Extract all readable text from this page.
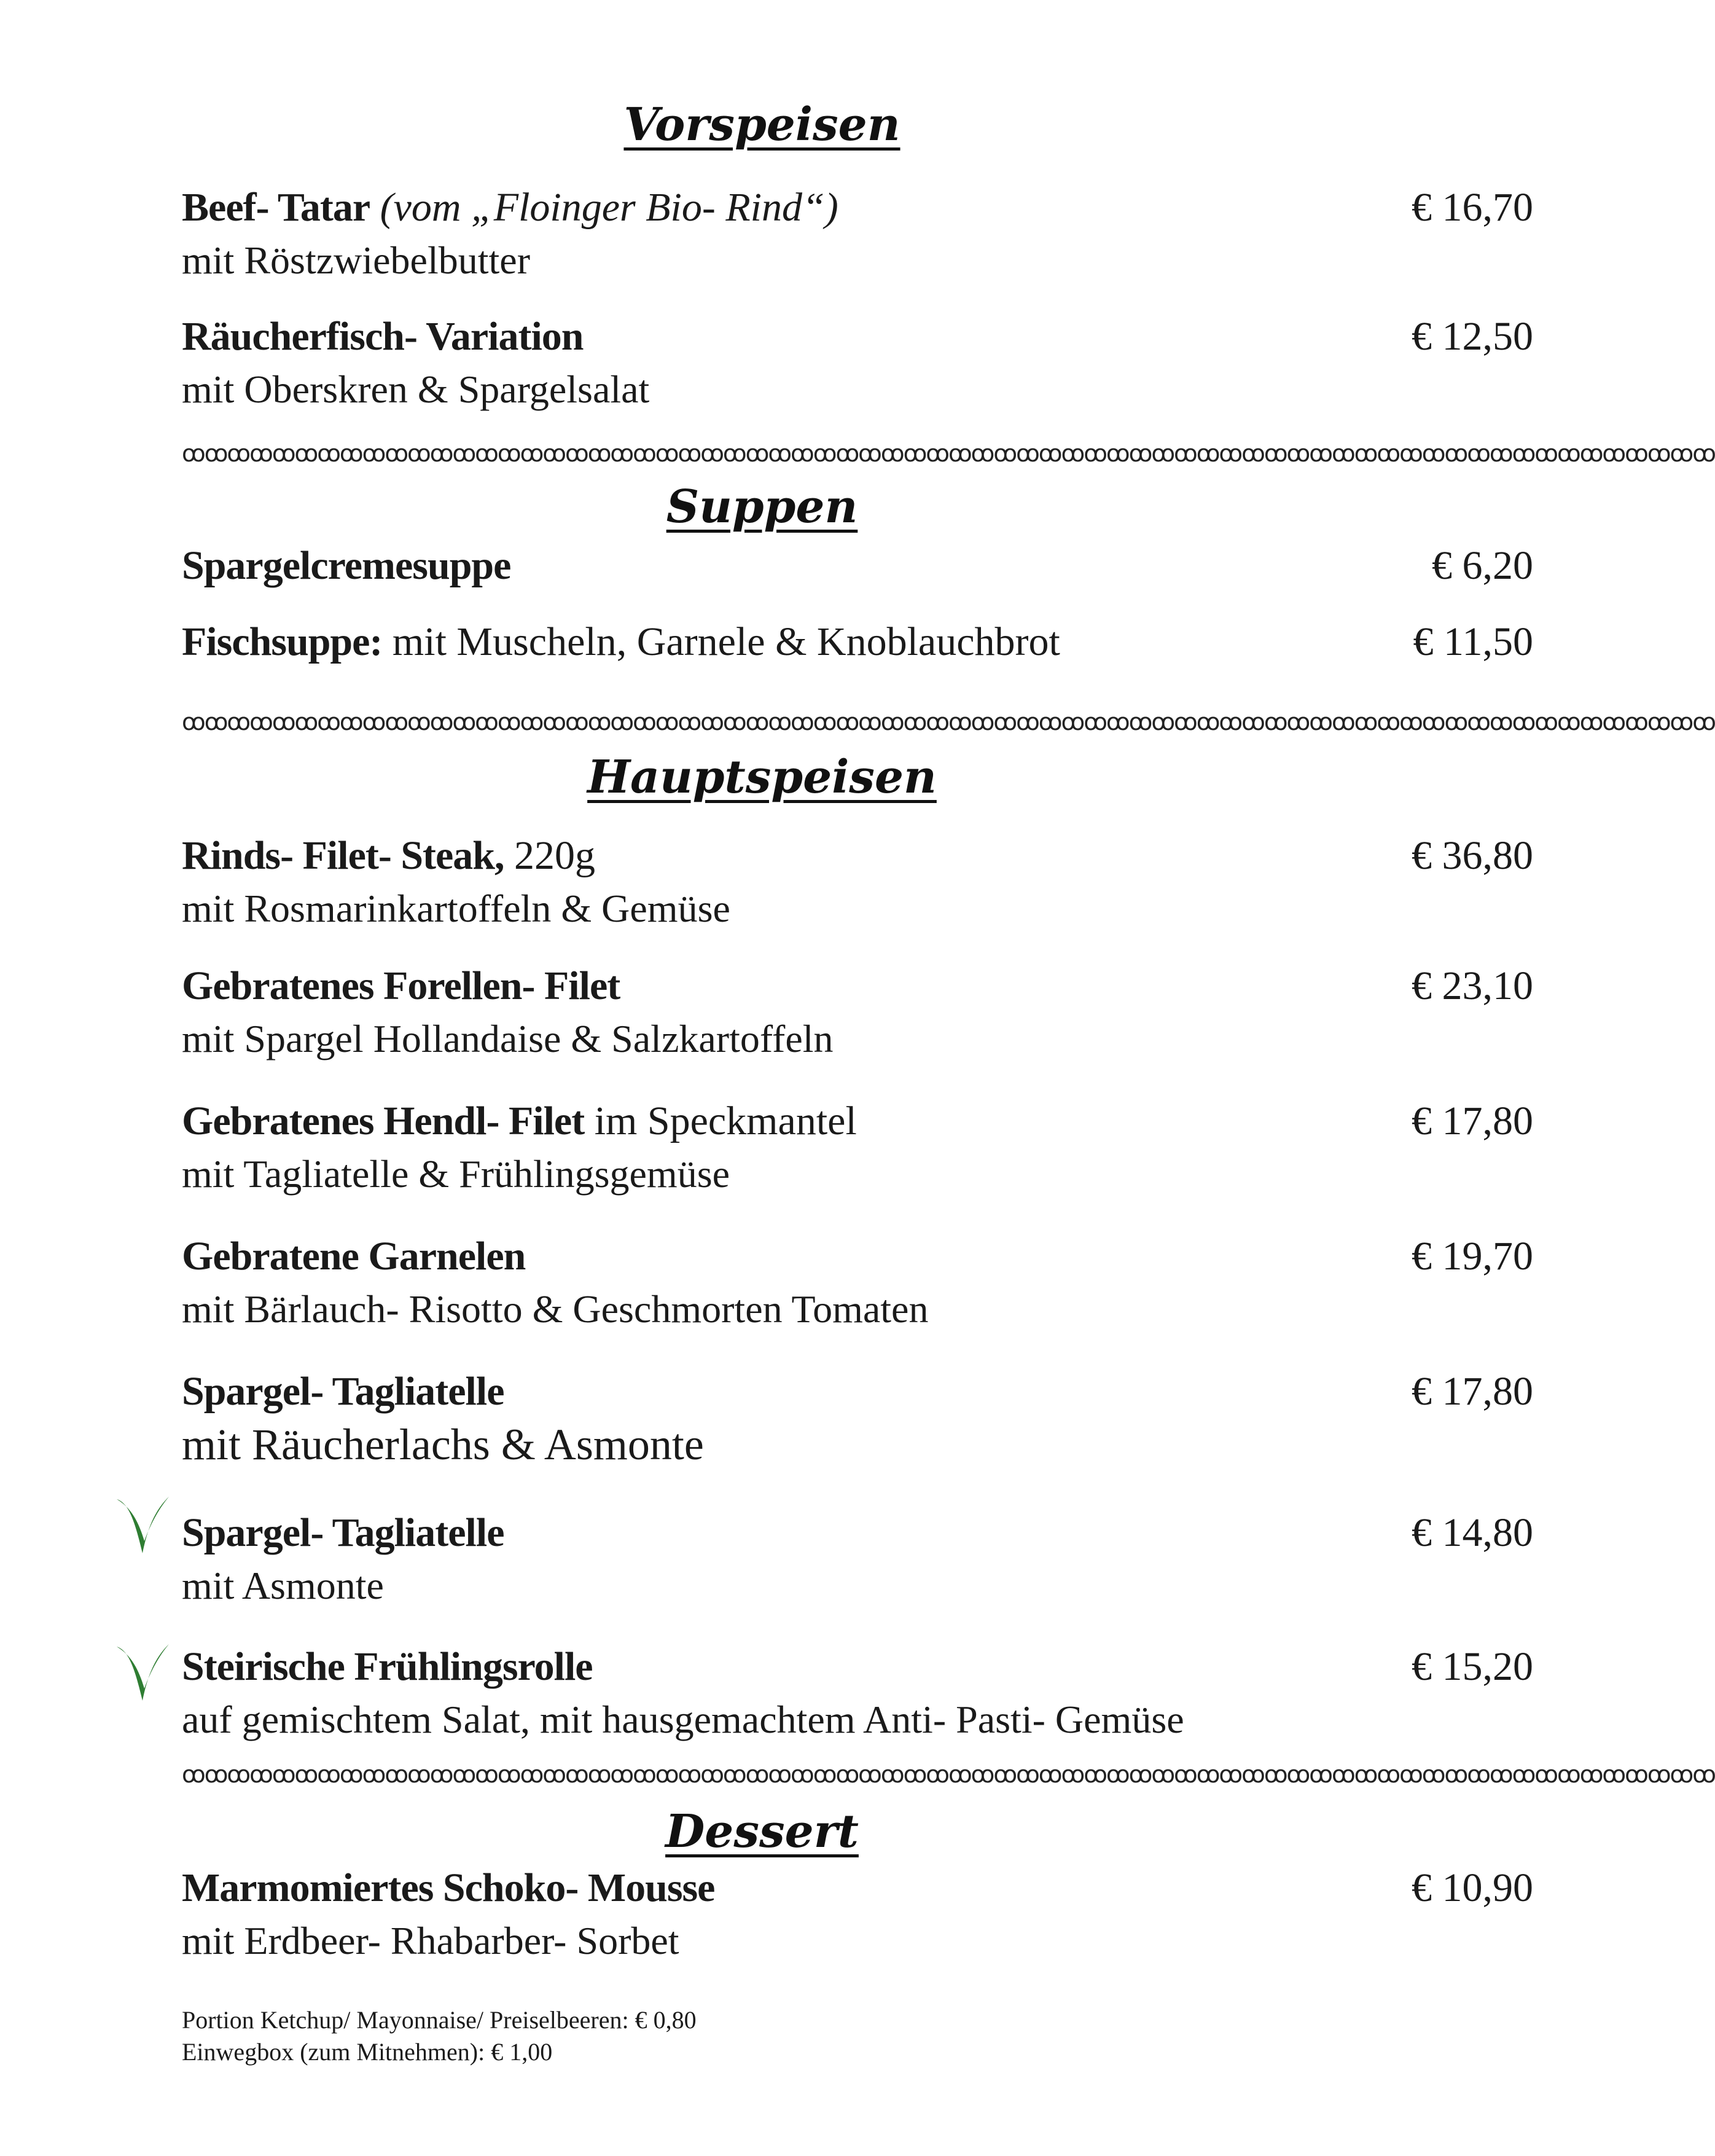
Vorspeisen
Beef- Tatar (vom „Floinger Bio- Rind“)
mit Röstzwiebelbutter
€ 16,70
Räucherfisch- Variation
mit Oberskren & Spargelsalat
€ 12,50
ꝏꝏꝏꝏꝏꝏꝏꝏꝏꝏꝏꝏꝏꝏꝏꝏꝏꝏꝏꝏꝏꝏꝏꝏꝏꝏꝏꝏꝏꝏꝏꝏꝏꝏꝏꝏꝏꝏꝏꝏꝏꝏꝏꝏꝏꝏꝏꝏꝏꝏꝏꝏꝏꝏꝏꝏꝏꝏꝏꝏꝏꝏꝏꝏꝏꝏꝏꝏ
Suppen
Spargelcremesuppe	€ 6,20
Fischsuppe: mit Muscheln, Garnele & Knoblauchbrot	€ 11,50
ꝏꝏꝏꝏꝏꝏꝏꝏꝏꝏꝏꝏꝏꝏꝏꝏꝏꝏꝏꝏꝏꝏꝏꝏꝏꝏꝏꝏꝏꝏꝏꝏꝏꝏꝏꝏꝏꝏꝏꝏꝏꝏꝏꝏꝏꝏꝏꝏꝏꝏꝏꝏꝏꝏꝏꝏꝏꝏꝏꝏꝏꝏꝏꝏꝏꝏꝏꝏ
Hauptspeisen
Rinds- Filet- Steak, 220g
mit Rosmarinkartoffeln & Gemüse
€ 36,80
Gebratenes Forellen- Filet
mit Spargel Hollandaise & Salzkartoffeln
€ 23,10
Gebratenes Hendl- Filet im Speckmantel
mit Tagliatelle & Frühlingsgemüse
€ 17,80
Gebratene Garnelen
mit Bärlauch- Risotto & Geschmorten Tomaten
€ 19,70
Spargel- Tagliatelle
mit Räucherlachs & Asmonte
€ 17,80
Spargel- Tagliatelle
mit Asmonte
€ 14,80
Steirische Frühlingsrolle
auf gemischtem Salat, mit hausgemachtem Anti- Pasti- Gemüse
€ 15,20
ꝏꝏꝏꝏꝏꝏꝏꝏꝏꝏꝏꝏꝏꝏꝏꝏꝏꝏꝏꝏꝏꝏꝏꝏꝏꝏꝏꝏꝏꝏꝏꝏꝏꝏꝏꝏꝏꝏꝏꝏꝏꝏꝏꝏꝏꝏꝏꝏꝏꝏꝏꝏꝏꝏꝏꝏꝏꝏꝏꝏꝏꝏꝏꝏꝏꝏꝏꝏ
Dessert
Marmomiertes Schoko- Mousse
mit Erdbeer- Rhabarber- Sorbet
€ 10,90
Portion Ketchup/ Mayonnaise/ Preiselbeeren: € 0,80
Einwegbox (zum Mitnehmen): € 1,00
